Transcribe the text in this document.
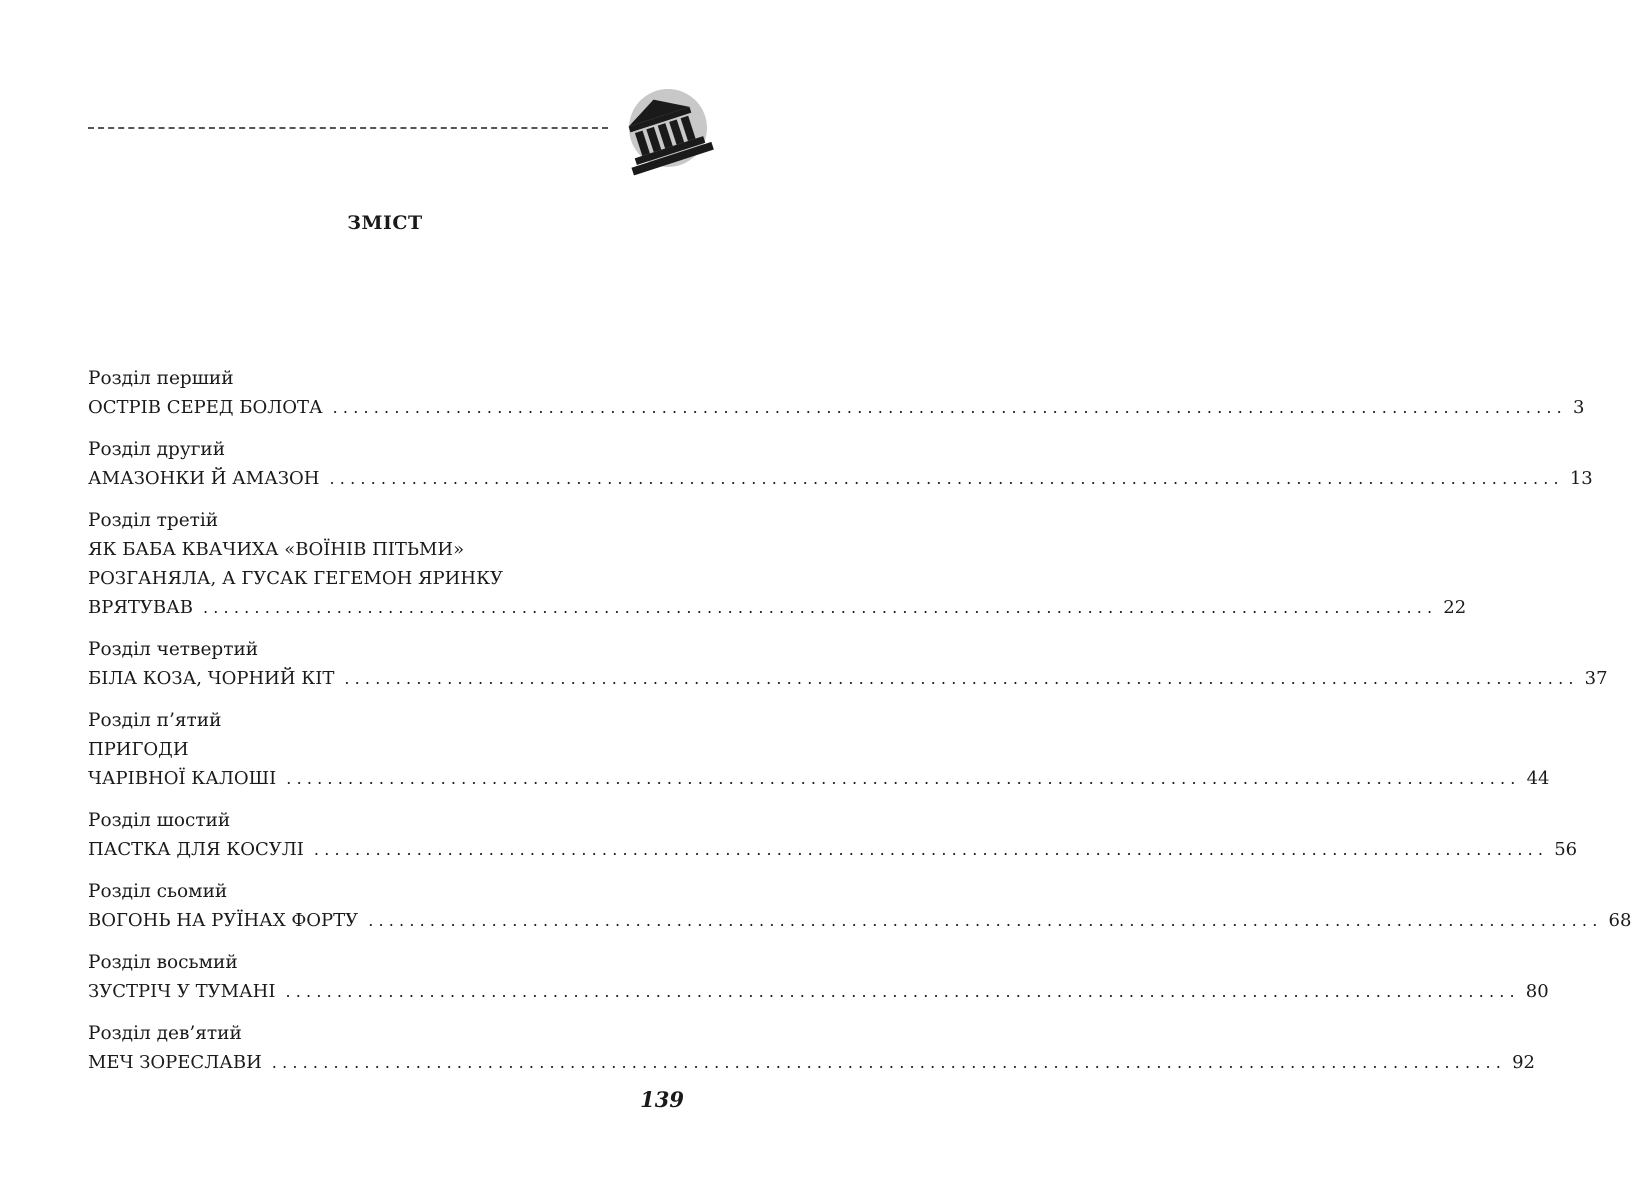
ЗМІСТ
Розділ перший
ОСТРІВ СЕРЕД БОЛОТА ........................................................................................................................ 3
Розділ другий
АМАЗОНКИ Й АМАЗОН ........................................................................................................................ 13
Розділ третій
ЯК БАБА КВАЧИХА «ВОЇНІВ ПІТЬМИ»
РОЗГАНЯЛА, А ГУСАК ГЕГЕМОН ЯРИНКУ
ВРЯТУВАВ ........................................................................................................................ 22
Розділ четвертий
БІЛА КОЗА, ЧОРНИЙ КІТ ........................................................................................................................ 37
Розділ п’ятий
ПРИГОДИ
ЧАРІВНОЇ КАЛОШІ ........................................................................................................................ 44
Розділ шостий
ПАСТКА ДЛЯ КОСУЛІ ........................................................................................................................ 56
Розділ сьомий
ВОГОНЬ НА РУЇНАХ ФОРТУ ........................................................................................................................ 68
Розділ восьмий
ЗУСТРІЧ У ТУМАНІ ........................................................................................................................ 80
Розділ дев’ятий
МЕЧ ЗОРЕСЛАВИ ........................................................................................................................ 92
139
